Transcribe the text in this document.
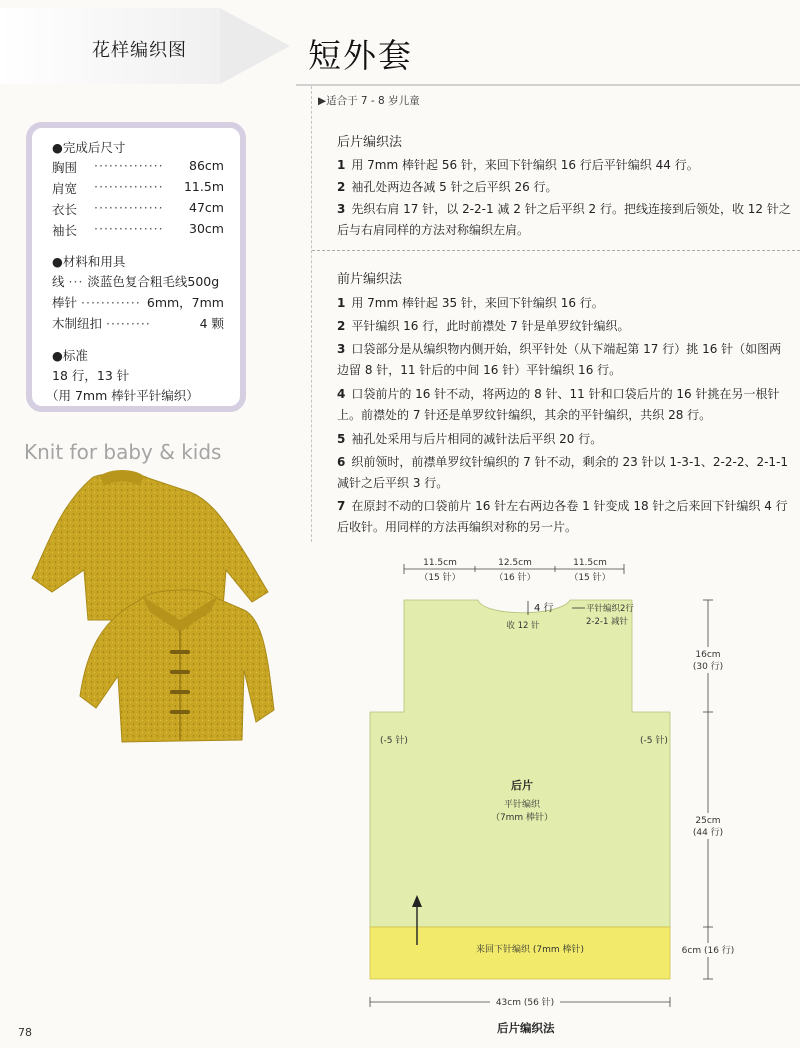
花样编织图	短外套
▶适合于 7 - 8 岁儿童
●完成后尺寸
胸围 ·············· 86cm
肩宽 ·············· 11.5m
衣长 ·············· 47cm
袖长 ·············· 30cm
●材料和用具
线 ··· 淡蓝色复合粗毛线500g
棒针 ············ 6mm，7mm
木制纽扣 ·········	4 颗
●标准
18 行，13 针
（用 7mm 棒针平针编织）
Knit for baby & kids
后片编织法
1 用 7mm 棒针起 56 针，来回下针编织 16 行后平针编织 44 行。
2 袖孔处两边各减 5 针之后平织 26 行。
3 先织右肩 17 针，以 2-2-1 减 2 针之后平织 2 行。把线连接到后领处，收 12 针之后与右肩同样的方法对称编织左肩。
前片编织法
1 用 7mm 棒针起 35 针，来回下针编织 16 行。
2 平针编织 16 行，此时前襟处 7 针是单罗纹针编织。
3 口袋部分是从编织物内侧开始，织平针处（从下端起第 17 行）挑 16 针（如图两边留 8 针，11 针后的中间 16 针）平针编织 16 行。
4 口袋前片的 16 针不动，将两边的 8 针、11 针和口袋后片的 16 针挑在另一根针上。前襟处的 7 针还是单罗纹针编织，其余的平针编织，共织 28 行。
5 袖孔处采用与后片相同的减针法后平织 20 行。
6 织前领时，前襟单罗纹针编织的 7 针不动，剩余的 23 针以 1-3-1、2-2-2、2-1-1 减针之后平织 3 行。
7 在原封不动的口袋前片 16 针左右两边各卷 1 针变成 18 针之后来回下针编织 4 行后收针。用同样的方法再编织对称的另一片。
11.5cm
（15 针）
12.5cm
（16 针）
11.5cm
（15 针）
4 行
收 12 针
平针编织2行
2-2-1 减针
(-5 针)	(-5 针)
后片
平针编织
（7mm 棒针）
来回下针编织 (7mm 棒针)
16cm
(30 行)
25cm
(44 行)
6cm (16 行)
43cm (56 针)
后片编织法
78
